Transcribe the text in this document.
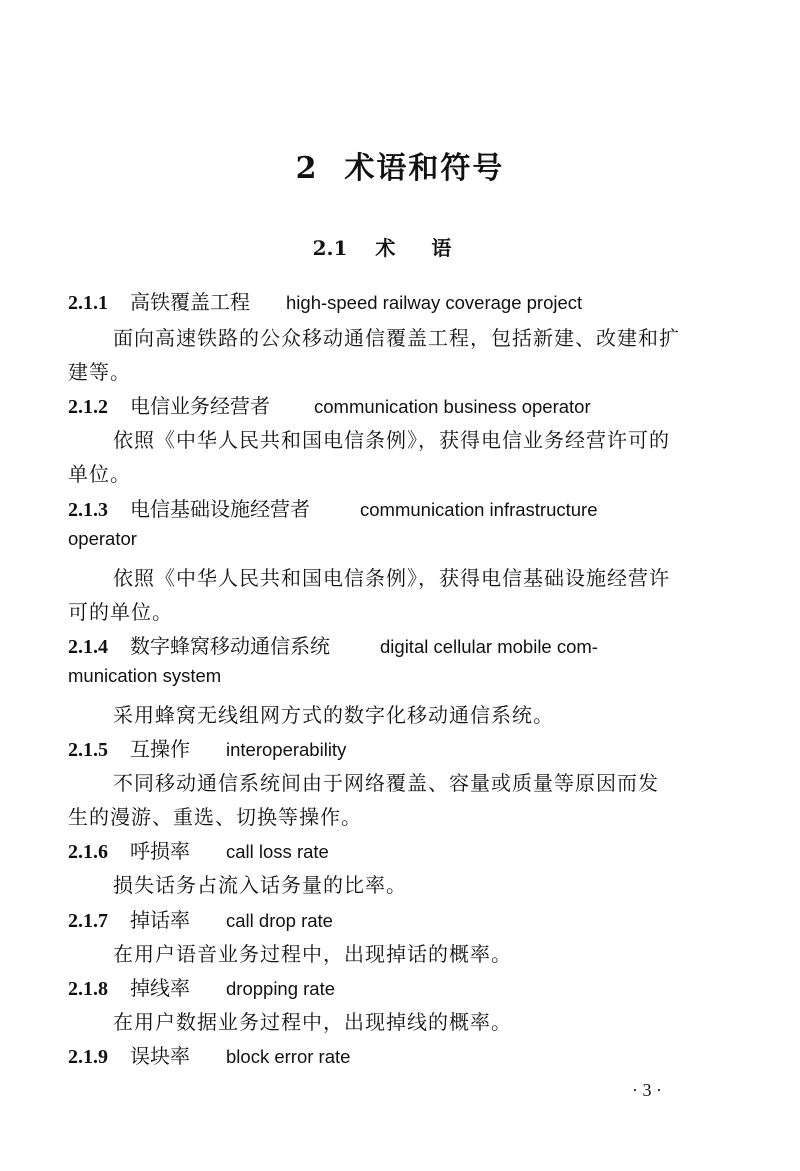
2 术语和符号
2.1 术语
2.1.1 高铁覆盖工程 high-speed railway coverage project
面向高速铁路的公众移动通信覆盖工程，包括新建、改建和扩
建等。
2.1.2 电信业务经营者 communication business operator
依照《中华人民共和国电信条例》，获得电信业务经营许可的
单位。
2.1.3 电信基础设施经营者	communication infrastructure
operator
依照《中华人民共和国电信条例》，获得电信基础设施经营许
可的单位。
2.1.4 数字蜂窝移动通信系统	digital cellular mobile com-
munication system
采用蜂窝无线组网方式的数字化移动通信系统。
2.1.5 互操作 interoperability
不同移动通信系统间由于网络覆盖、容量或质量等原因而发
生的漫游、重选、切换等操作。
2.1.6 呼损率 call loss rate
损失话务占流入话务量的比率。
2.1.7 掉话率 call drop rate
在用户语音业务过程中，出现掉话的概率。
2.1.8 掉线率 dropping rate
在用户数据业务过程中，出现掉线的概率。
2.1.9 误块率 block error rate
· 3 ·
